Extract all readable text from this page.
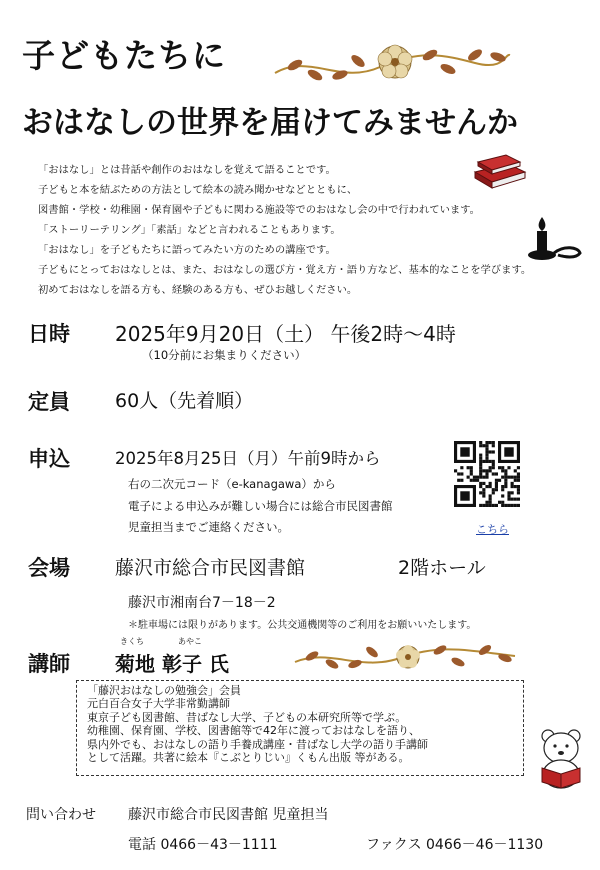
子どもたちに
おはなしの世界を届けてみませんか
「おはなし」とは昔話や創作のおはなしを覚えて語ることです。
子どもと本を結ぶための方法として絵本の読み聞かせなどとともに、
図書館・学校・幼稚園・保育園や子どもに関わる施設等でのおはなし会の中で行われています。
「ストーリーテリング」「素話」などと言われることもあります。
「おはなし」を子どもたちに語ってみたい方のための講座です。
子どもにとっておはなしとは、また、おはなしの選び方・覚え方・語り方など、基本的なことを学びます。
初めておはなしを語る方も、経験のある方も、ぜひお越しください。
日時 2025年9月20日（土） 午後2時～4時
（10分前にお集まりください）
定員 60人（先着順）
申込	2025年8月25日（月）午前9時から
右の二次元コード（e-kanagawa）から
電子による申込みが難しい場合には総合市民図書館
児童担当までご連絡ください。	こちら
会場 藤沢市総合市民図書館	2階ホール
藤沢市湘南台7－18－2
＊駐車場には限りがあります。公共交通機関等のご利用をお願いいたします。
講師
きくち	あやこ
菊地 彰子 氏
「藤沢おはなしの勉強会」会員
元白百合女子大学非常勤講師
東京子ども図書館、昔ばなし大学、子どもの本研究所等で学ぶ。
幼稚園、保育園、学校、図書館等で42年に渡っておはなしを語り、
県内外でも、おはなしの語り手養成講座・昔ばなし大学の語り手講師
として活躍。共著に絵本『こぶとりじい』くもん出版 等がある。
問い合わせ 藤沢市総合市民図書館 児童担当
電話 0466－43－1111	ファクス 0466－46－1130
